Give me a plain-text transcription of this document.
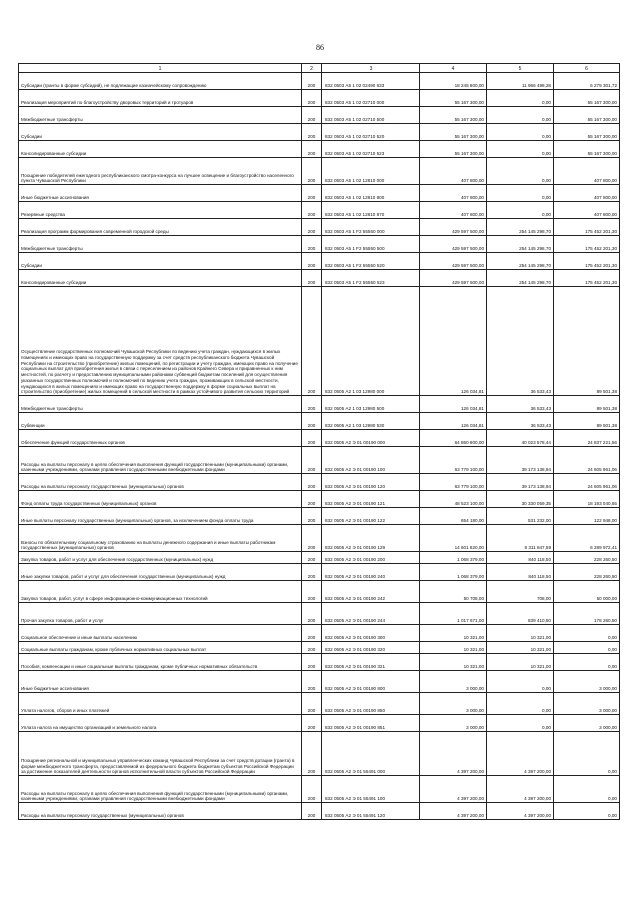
86
1	2	3	4	5	6
Субсидии (гранты в форме субсидий), не подлежащие казначейскому сопровождению	200	832 0503 А5 1 02 02490 633	18 245 800,00	11 966 498,28	6 279 301,72
Реализация мероприятий по благоустройству дворовых территорий и тротуаров	200	832 0503 А5 1 02 02710 000	55 167 300,00	0,00	55 167 300,00
Межбюджетные трансферты	200	832 0503 А5 1 02 02710 500	55 167 300,00	0,00	55 167 300,00
Субсидии	200	832 0503 А5 1 02 02710 520	55 167 300,00	0,00	55 167 300,00
Консолидированные субсидии	200	832 0503 А5 1 02 02710 523	55 167 300,00	0,00	55 167 300,00
Поощрение победителей ежегодного республиканского смотра-конкурса на лучшее освещение и благоустройство населенного пункта Чувашской Республики	200	832 0503 А5 1 02 12810 000	407 800,00	0,00	407 800,00
Иные бюджетные ассигнования	200	832 0503 А5 1 02 12810 800	407 800,00	0,00	407 800,00
Резервные средства	200	832 0503 А5 1 02 12810 870	407 800,00	0,00	407 800,00
Реализация программ формирования современной городской среды	200	832 0503 А5 1 F2 55550 000	429 597 500,00	254 145 298,70	175 452 201,30
Межбюджетные трансферты	200	832 0503 А5 1 F2 55550 500	429 597 500,00	254 145 298,70	175 452 201,30
Субсидии	200	832 0503 А5 1 F2 55550 520	429 597 500,00	254 145 298,70	175 452 201,30
Консолидированные субсидии	200	832 0503 А5 1 F2 55550 523	429 597 500,00	254 145 298,70	175 452 201,30
Осуществление государственных полномочий Чувашской Республики по ведению учета граждан, нуждающихся в жилых помещениях и имеющих право на государственную поддержку за счет средств республиканского бюджета Чувашской Республики на строительство (приобретение) жилых помещений, по регистрации и учету граждан, имеющих право на получение социальных выплат для приобретения жилья в связи с переселением из районов Крайнего Севера и приравненных к ним местностей, по расчету и предоставлению муниципальными районами субвенций бюджетам поселений для осуществления указанных государственных полномочий и полномочий по ведению учета граждан, проживающих в сельской местности, нуждающихся в жилых помещениях и имеющих право на государственную поддержку в форме социальных выплат на строительство (приобретение) жилых помещений в сельской местности в рамках устойчивого развития сельских территорий	200	832 0505 А2 1 03 12980 000	126 034,81	36 533,43	89 501,38
Межбюджетные трансферты	200	832 0505 А2 1 03 12980 500	126 034,81	36 533,43	89 501,38
Субвенции	200	832 0505 А2 1 03 12980 530	126 034,81	36 533,43	89 501,38
Обеспечение функций государственных органов	200	832 0505 А2 Э 01 00190 000	64 860 800,00	40 023 578,44	24 837 221,56
Расходы на выплаты персоналу в целях обеспечения выполнения функций государственными (муниципальными) органами, казенными учреждениями, органами управления государственными внебюджетными фондами	200	832 0505 А2 Э 01 00190 100	63 779 100,00	39 173 138,94	24 605 961,06
Расходы на выплаты персоналу государственных (муниципальных) органов	200	832 0505 А2 Э 01 00190 120	63 779 100,00	39 173 138,94	24 605 961,06
Фонд оплаты труда государственных (муниципальных) органов	200	832 0505 А2 Э 01 00190 121	48 523 100,00	30 330 059,35	18 193 040,65
Иные выплаты персоналу государственных (муниципальных) органов, за исключением фонда оплаты труда	200	832 0505 А2 Э 01 00190 122	654 180,00	531 232,00	122 948,00
Взносы по обязательному социальному страхованию на выплаты денежного содержания и иные выплаты работникам государственных (муниципальных) органов	200	832 0505 А2 Э 01 00190 129	14 601 820,00	8 311 847,59	6 289 972,41
Закупка товаров, работ и услуг для обеспечения государственных (муниципальных) нужд	200	832 0505 А2 Э 01 00190 200	1 068 379,00	840 118,50	228 260,50
Иные закупки товаров, работ и услуг для обеспечения государственных (муниципальных) нужд	200	832 0505 А2 Э 01 00190 240	1 068 379,00	840 118,50	228 260,50
Закупка товаров, работ, услуг в сфере информационно-коммуникационных технологий	200	832 0505 А2 Э 01 00190 242	50 708,00	708,00	50 000,00
Прочая закупка товаров, работ и услуг	200	832 0505 А2 Э 01 00190 244	1 017 671,00	839 410,50	178 260,50
Социальное обеспечение и иные выплаты населению	200	832 0505 А2 Э 01 00190 300	10 321,00	10 321,00	0,00
Социальные выплаты гражданам, кроме публичных нормативных социальных выплат	200	832 0505 А2 Э 01 00190 320	10 321,00	10 321,00	0,00
Пособия, компенсации и иные социальные выплаты гражданам, кроме публичных нормативных обязательств	200	832 0505 А2 Э 01 00190 321	10 321,00	10 321,00	0,00
Иные бюджетные ассигнования	200	832 0505 А2 Э 01 00190 800	3 000,00	0,00	3 000,00
Уплата налогов, сборов и иных платежей	200	832 0505 А2 Э 01 00190 850	3 000,00	0,00	3 000,00
Уплата налога на имущество организаций и земельного налога	200	832 0505 А2 Э 01 00190 851	3 000,00	0,00	3 000,00
Поощрение региональной и муниципальных управленческих команд Чувашской Республики за счет средств дотации (гранта) в форме межбюджетного трансферта, предоставляемой из федерального бюджета бюджетам субъектов Российской Федерации за достижение показателей деятельности органов исполнительной власти субъектов Российской Федерации	200	832 0505 А2 Э 01 55491 000	4 397 200,00	4 397 200,00	0,00
Расходы на выплаты персоналу в целях обеспечения выполнения функций государственными (муниципальными) органами, казенными учреждениями, органами управления государственными внебюджетными фондами	200	832 0505 А2 Э 01 55491 100	4 397 200,00	4 397 200,00	0,00
Расходы на выплаты персоналу государственных (муниципальных) органов	200	832 0505 А2 Э 01 55491 120	4 397 200,00	4 397 200,00	0,00
